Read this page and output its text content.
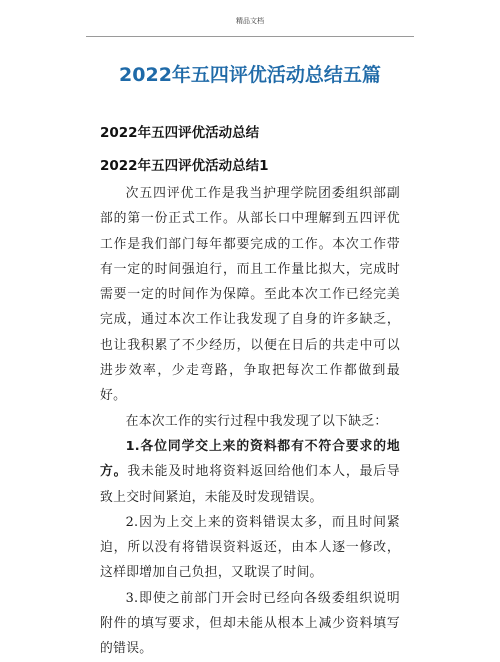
精品文档
2022年五四评优活动总结五篇
2022年五四评优活动总结
2022年五四评优活动总结1

次五四评优工作是我当护理学院团委组织部副部的第一份正式工作。从部长口中理解到五四评优工作是我们部门每年都要完成的工作。本次工作带有一定的时间强迫行，而且工作量比拟大，完成时需要一定的时间作为保障。至此本次工作已经完美完成，通过本次工作让我发现了自身的许多缺乏，也让我积累了不少经历，以便在日后的共走中可以进步效率，少走弯路，争取把每次工作都做到最好。

在本次工作的实行过程中我发现了以下缺乏：

1.各位同学交上来的资料都有不符合要求的地方。我未能及时地将资料返回给他们本人，最后导致上交时间紧迫，未能及时发现错误。

2.因为上交上来的资料错误太多，而且时间紧迫，所以没有将错误资料返还，由本人逐一修改，这样即增加自己负担，又耽误了时间。

3.即使之前部门开会时已经向各级委组织说明附件的填写要求，但却未能从根本上减少资料填写的错误。
